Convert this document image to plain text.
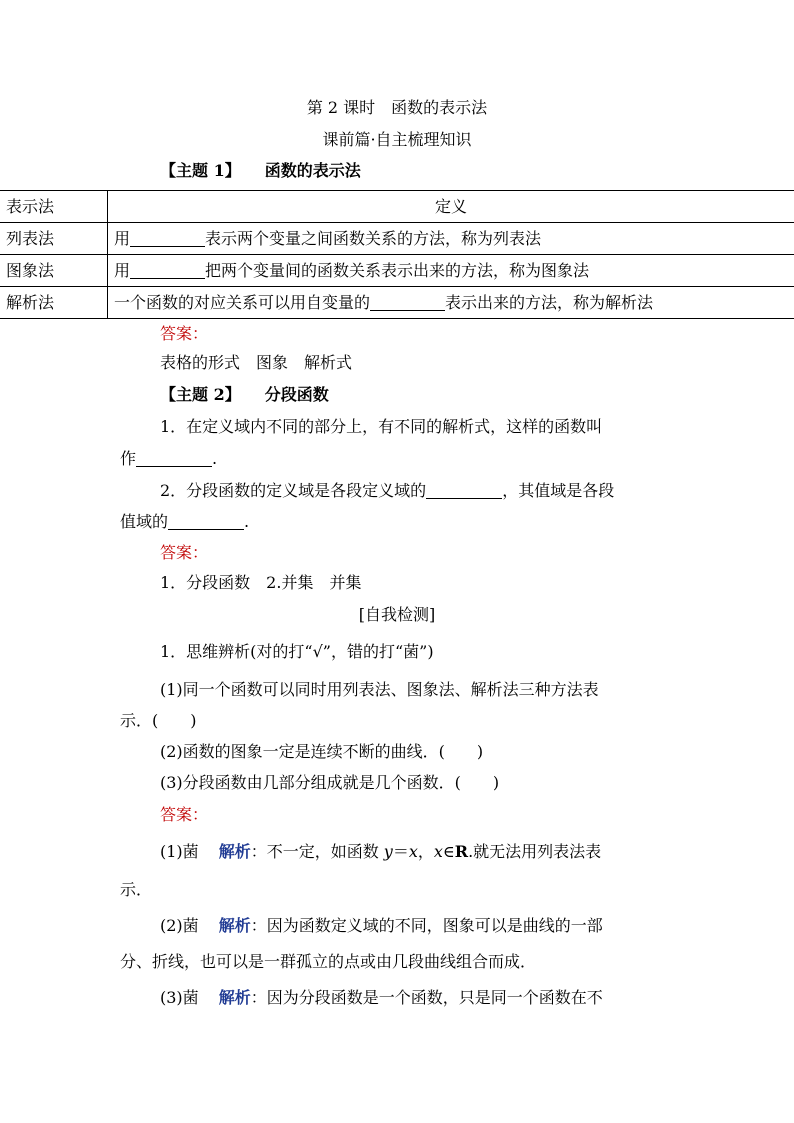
第 2 课时　函数的表示法
课前篇·自主梳理知识
【主题 1】 函数的表示法
表示法	定义
列表法	用 表示两个变量之间函数关系的方法，称为列表法
图象法	用 把两个变量间的函数关系表示出来的方法，称为图象法
解析法	一个函数的对应关系可以用自变量的 表示出来的方法，称为解析法
答案：
表格的形式　图象　解析式
【主题 2】 分段函数
1．在定义域内不同的部分上，有不同的解析式，这样的函数叫
作	.
2．分段函数的定义域是各段定义域的	，其值域是各段
值域的	.
答案：
1．分段函数　2.并集　并集
[自我检测]
1．思维辨析(对的打“√”，错的打“菌”)
(1)同一个函数可以同时用列表法、图象法、解析法三种方法表
示．(　　)
(2)函数的图象一定是连续不断的曲线．(　　)
(3)分段函数由几部分组成就是几个函数．(　　)
答案：
(1)菌 解析：不一定，如函数 y＝x，x∈R.就无法用列表法表
示．
(2)菌 解析：因为函数定义域的不同，图象可以是曲线的一部
分、折线，也可以是一群孤立的点或由几段曲线组合而成．
(3)菌 解析：因为分段函数是一个函数，只是同一个函数在不
